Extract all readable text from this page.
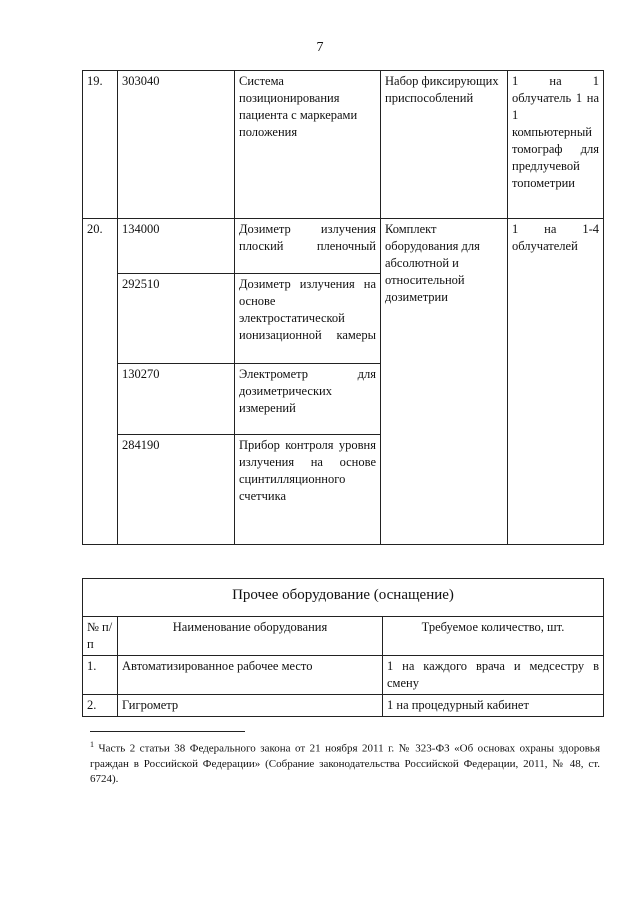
7
19.	303040	Система позиционирования пациента с маркерами положения	Набор фиксирующих приспособлений	1 на 1 облучатель 1 на 1 компьютерный томограф для предлучевой топометрии
20.	134000	Дозиметр излучения плоский пленочный	Комплект оборудования для абсолютной и относительной дозиметрии	1 на 1-4 облучателей
	292510	Дозиметр излучения на основе электростатической ионизационной камеры		
	130270	Электрометр для дозиметрических измерений		
	284190	Прибор контроля уровня излучения на основе сцинтилляционного счетчика		
Прочее оборудование (оснащение)		
№ п/п	Наименование оборудования	Требуемое количество, шт.
1.	Автоматизированное рабочее место	1 на каждого врача и медсестру в смену
2.	Гигрометр	1 на процедурный кабинет
$^1$ Часть 2 статьи 38 Федерального закона от 21 ноября 2011 г. № 323-ФЗ «Об основах охраны здоровья граждан в Российской Федерации» (Собрание законодательства Российской Федерации, 2011, № 48, ст. 6724).
